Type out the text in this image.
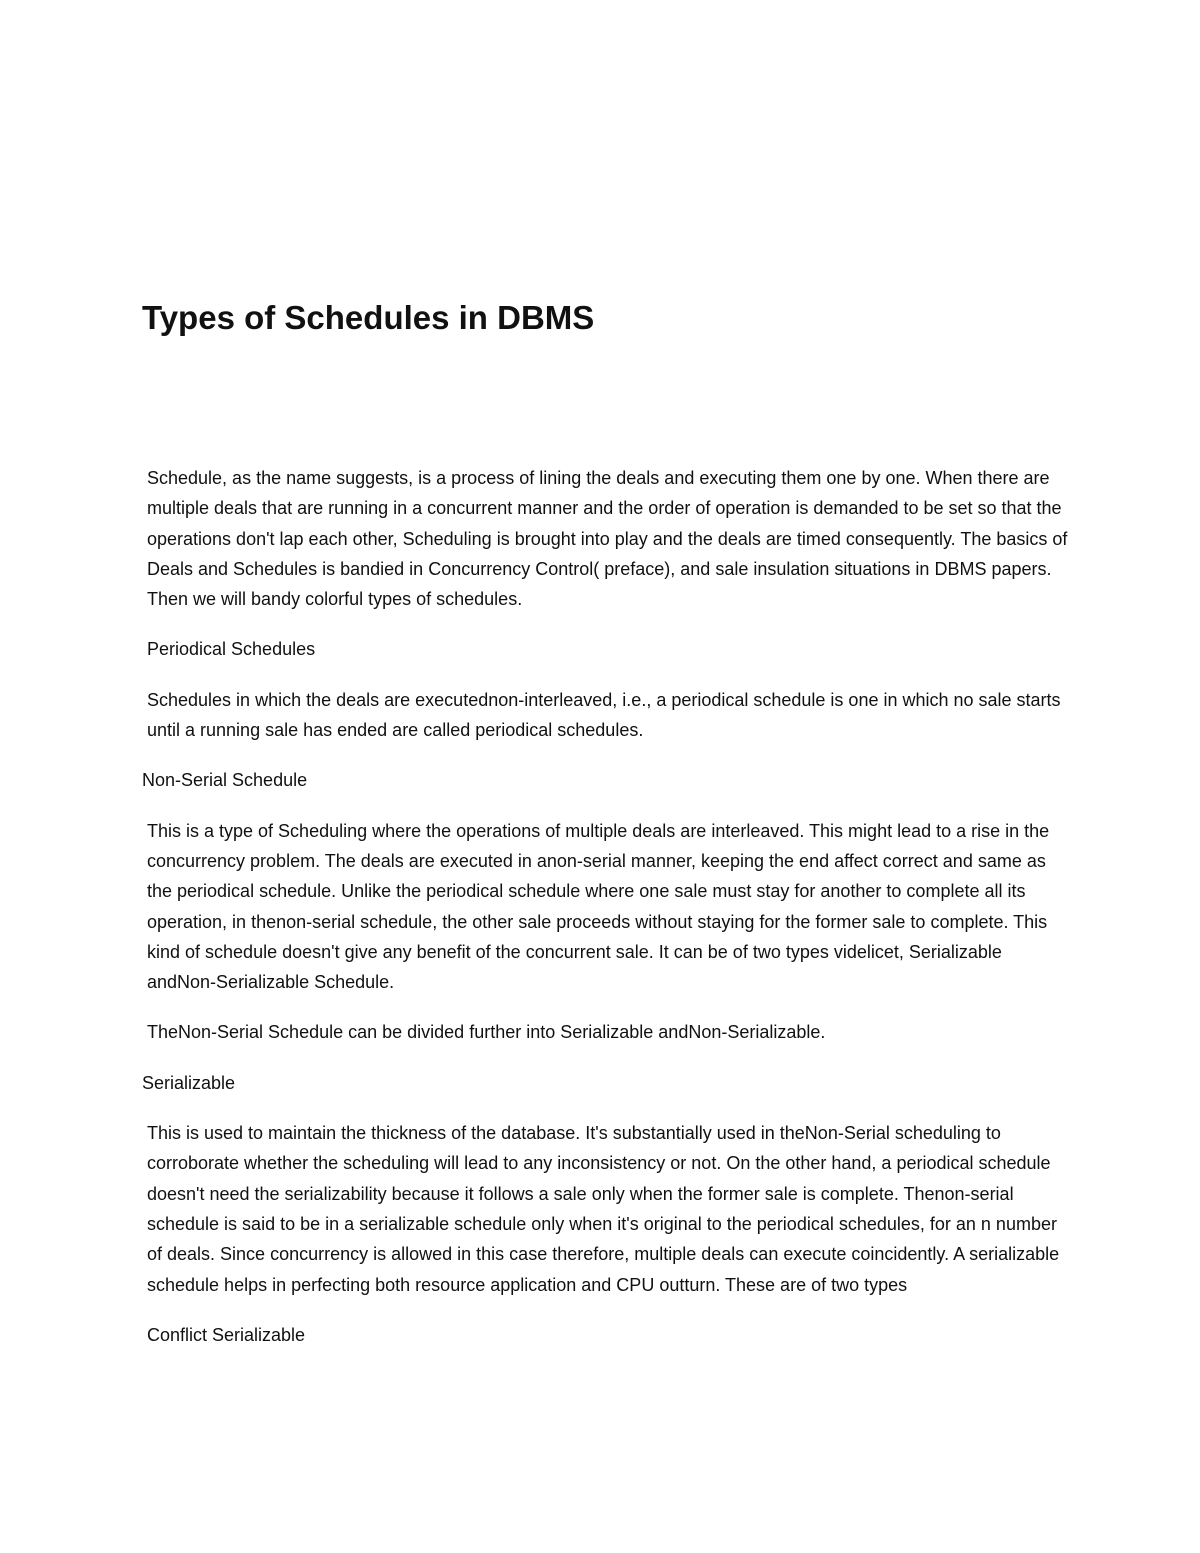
Types of Schedules in DBMS

Schedule, as the name suggests, is a process of lining the deals and executing them one by one. When there are multiple deals that are running in a concurrent manner and the order of operation is demanded to be set so that the operations don't lap each other, Scheduling is brought into play and the deals are timed consequently. The basics of Deals and Schedules is bandied in Concurrency Control( preface), and sale insulation situations in DBMS papers. Then we will bandy colorful types of schedules.

Periodical Schedules

Schedules in which the deals are executednon-interleaved, i.e., a periodical schedule is one in which no sale starts until a running sale has ended are called periodical schedules.

Non-Serial Schedule

This is a type of Scheduling where the operations of multiple deals are interleaved. This might lead to a rise in the concurrency problem. The deals are executed in anon-serial manner, keeping the end affect correct and same as the periodical schedule. Unlike the periodical schedule where one sale must stay for another to complete all its operation, in thenon-serial schedule, the other sale proceeds without staying for the former sale to complete. This kind of schedule doesn't give any benefit of the concurrent sale. It can be of two types videlicet, Serializable andNon-Serializable Schedule.

TheNon-Serial Schedule can be divided further into Serializable andNon-Serializable.

Serializable

This is used to maintain the thickness of the database. It's substantially used in theNon-Serial scheduling to corroborate whether the scheduling will lead to any inconsistency or not. On the other hand, a periodical schedule doesn't need the serializability because it follows a sale only when the former sale is complete. Thenon-serial schedule is said to be in a serializable schedule only when it's original to the periodical schedules, for an n number of deals. Since concurrency is allowed in this case therefore, multiple deals can execute coincidently. A serializable schedule helps in perfecting both resource application and CPU outturn. These are of two types

Conflict Serializable
